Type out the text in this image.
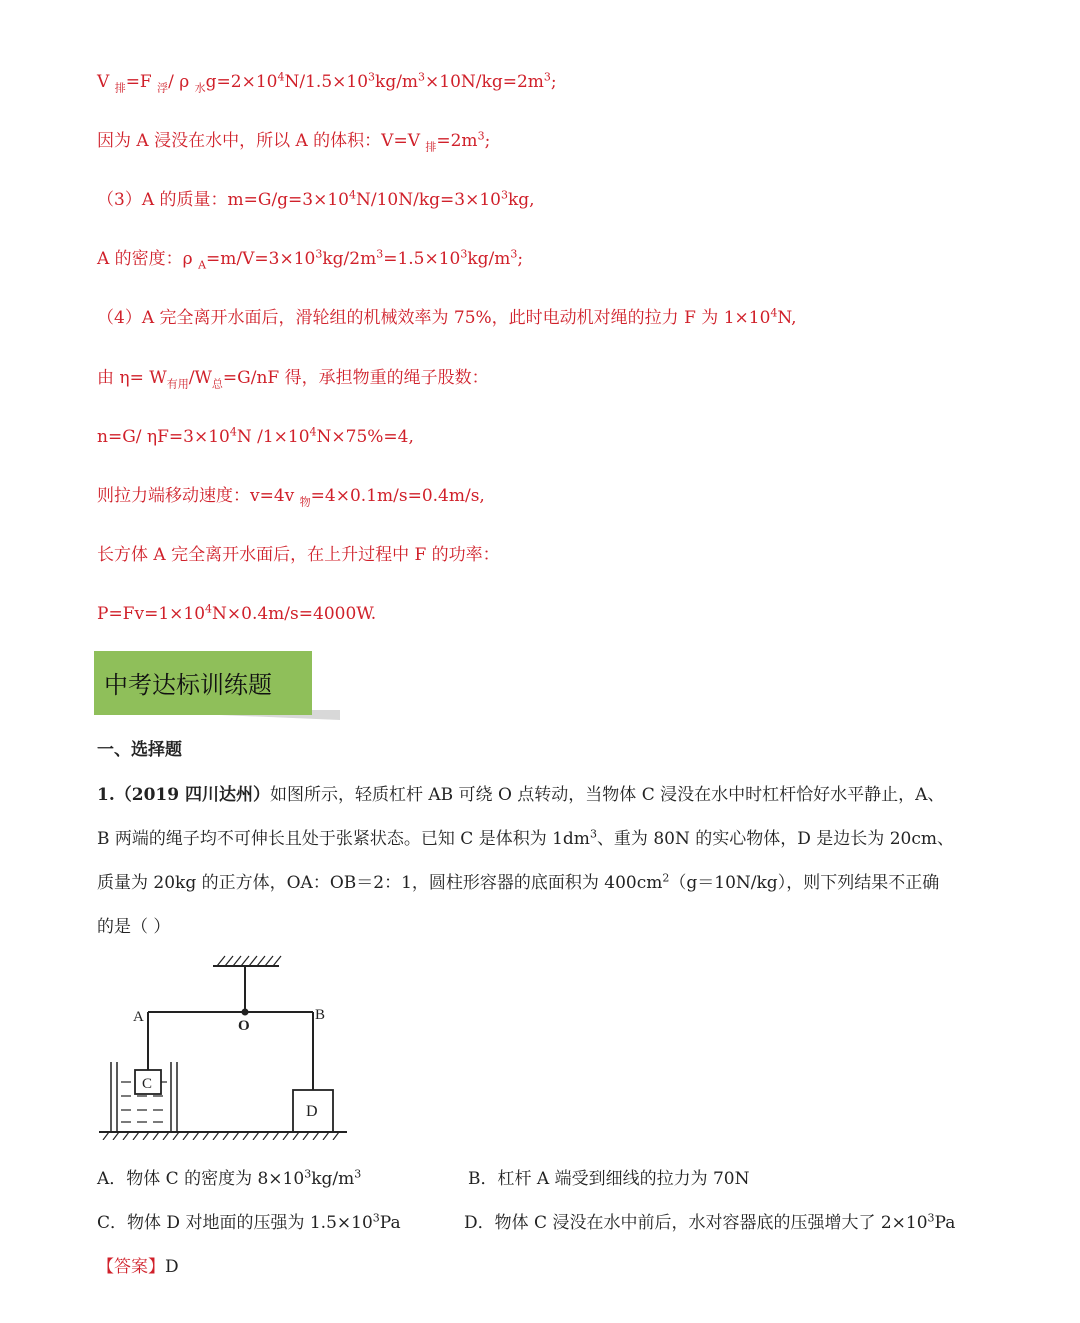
V $_排$=F $_浮$/ ρ $_水g=2\times 10^4N/1.5\times 10^3kg/m^3\times 10N/kg=2m^3$;
因为 A 浸没在水中，所以 A 的体积：V=V $_排=2m^3$;
（3）A 的质量：$m=G/g=3\times 10^4N/10N/kg=3\times 10^3kg$,
A 的密度：ρ $_A=m/V=3\times 10^3kg/2m^3=1.5\times 10^3kg/m^3$;
（4）A 完全离开水面后，滑轮组的机械效率为 75%，此时电动机对绳的拉力 F 为 $1\times 10^4N$,
由 $\eta= W_{有用}/W_总=G/nF$ 得，承担物重的绳子股数：
n=G/ $\eta F=3\times 10^4N$ $/1\times 10^4N\times 75\%=4$,
则拉力端移动速度：v=4v $_物$=4×0.1m/s=0.4m/s,
长方体 A 完全离开水面后，在上升过程中 F 的功率：
$P=Fv=1\times 10^4N\times 0.4m/s=4000W$.
中考达标训练题
一、选择题
1.（2019 四川达州）如图所示，轻质杠杆 AB 可绕 O 点转动，当物体 C 浸没在水中时杠杆恰好水平静止，A、
B 两端的绳子均不可伸长且处于张紧状态。已知 C 是体积为 $1dm^3$、重为 80N 的实心物体，D 是边长为 20cm、
质量为 20kg 的正方体，OA：OB＝2：1，圆柱形容器的底面积为 $400cm^2(g=10N/kg)$，则下列结果不正确
的是（ ）
A
O
B
C
D
A．物体 C 的密度为 $8\times 10^3kg/m^3$	B．杠杆 A 端受到细线的拉力为 70N
C．物体 D 对地面的压强为 $1.5\times 10^3Pa$	D．物体 C 浸没在水中前后，水对容器底的压强增大了 $2\times 10^3Pa$
【答案】D
